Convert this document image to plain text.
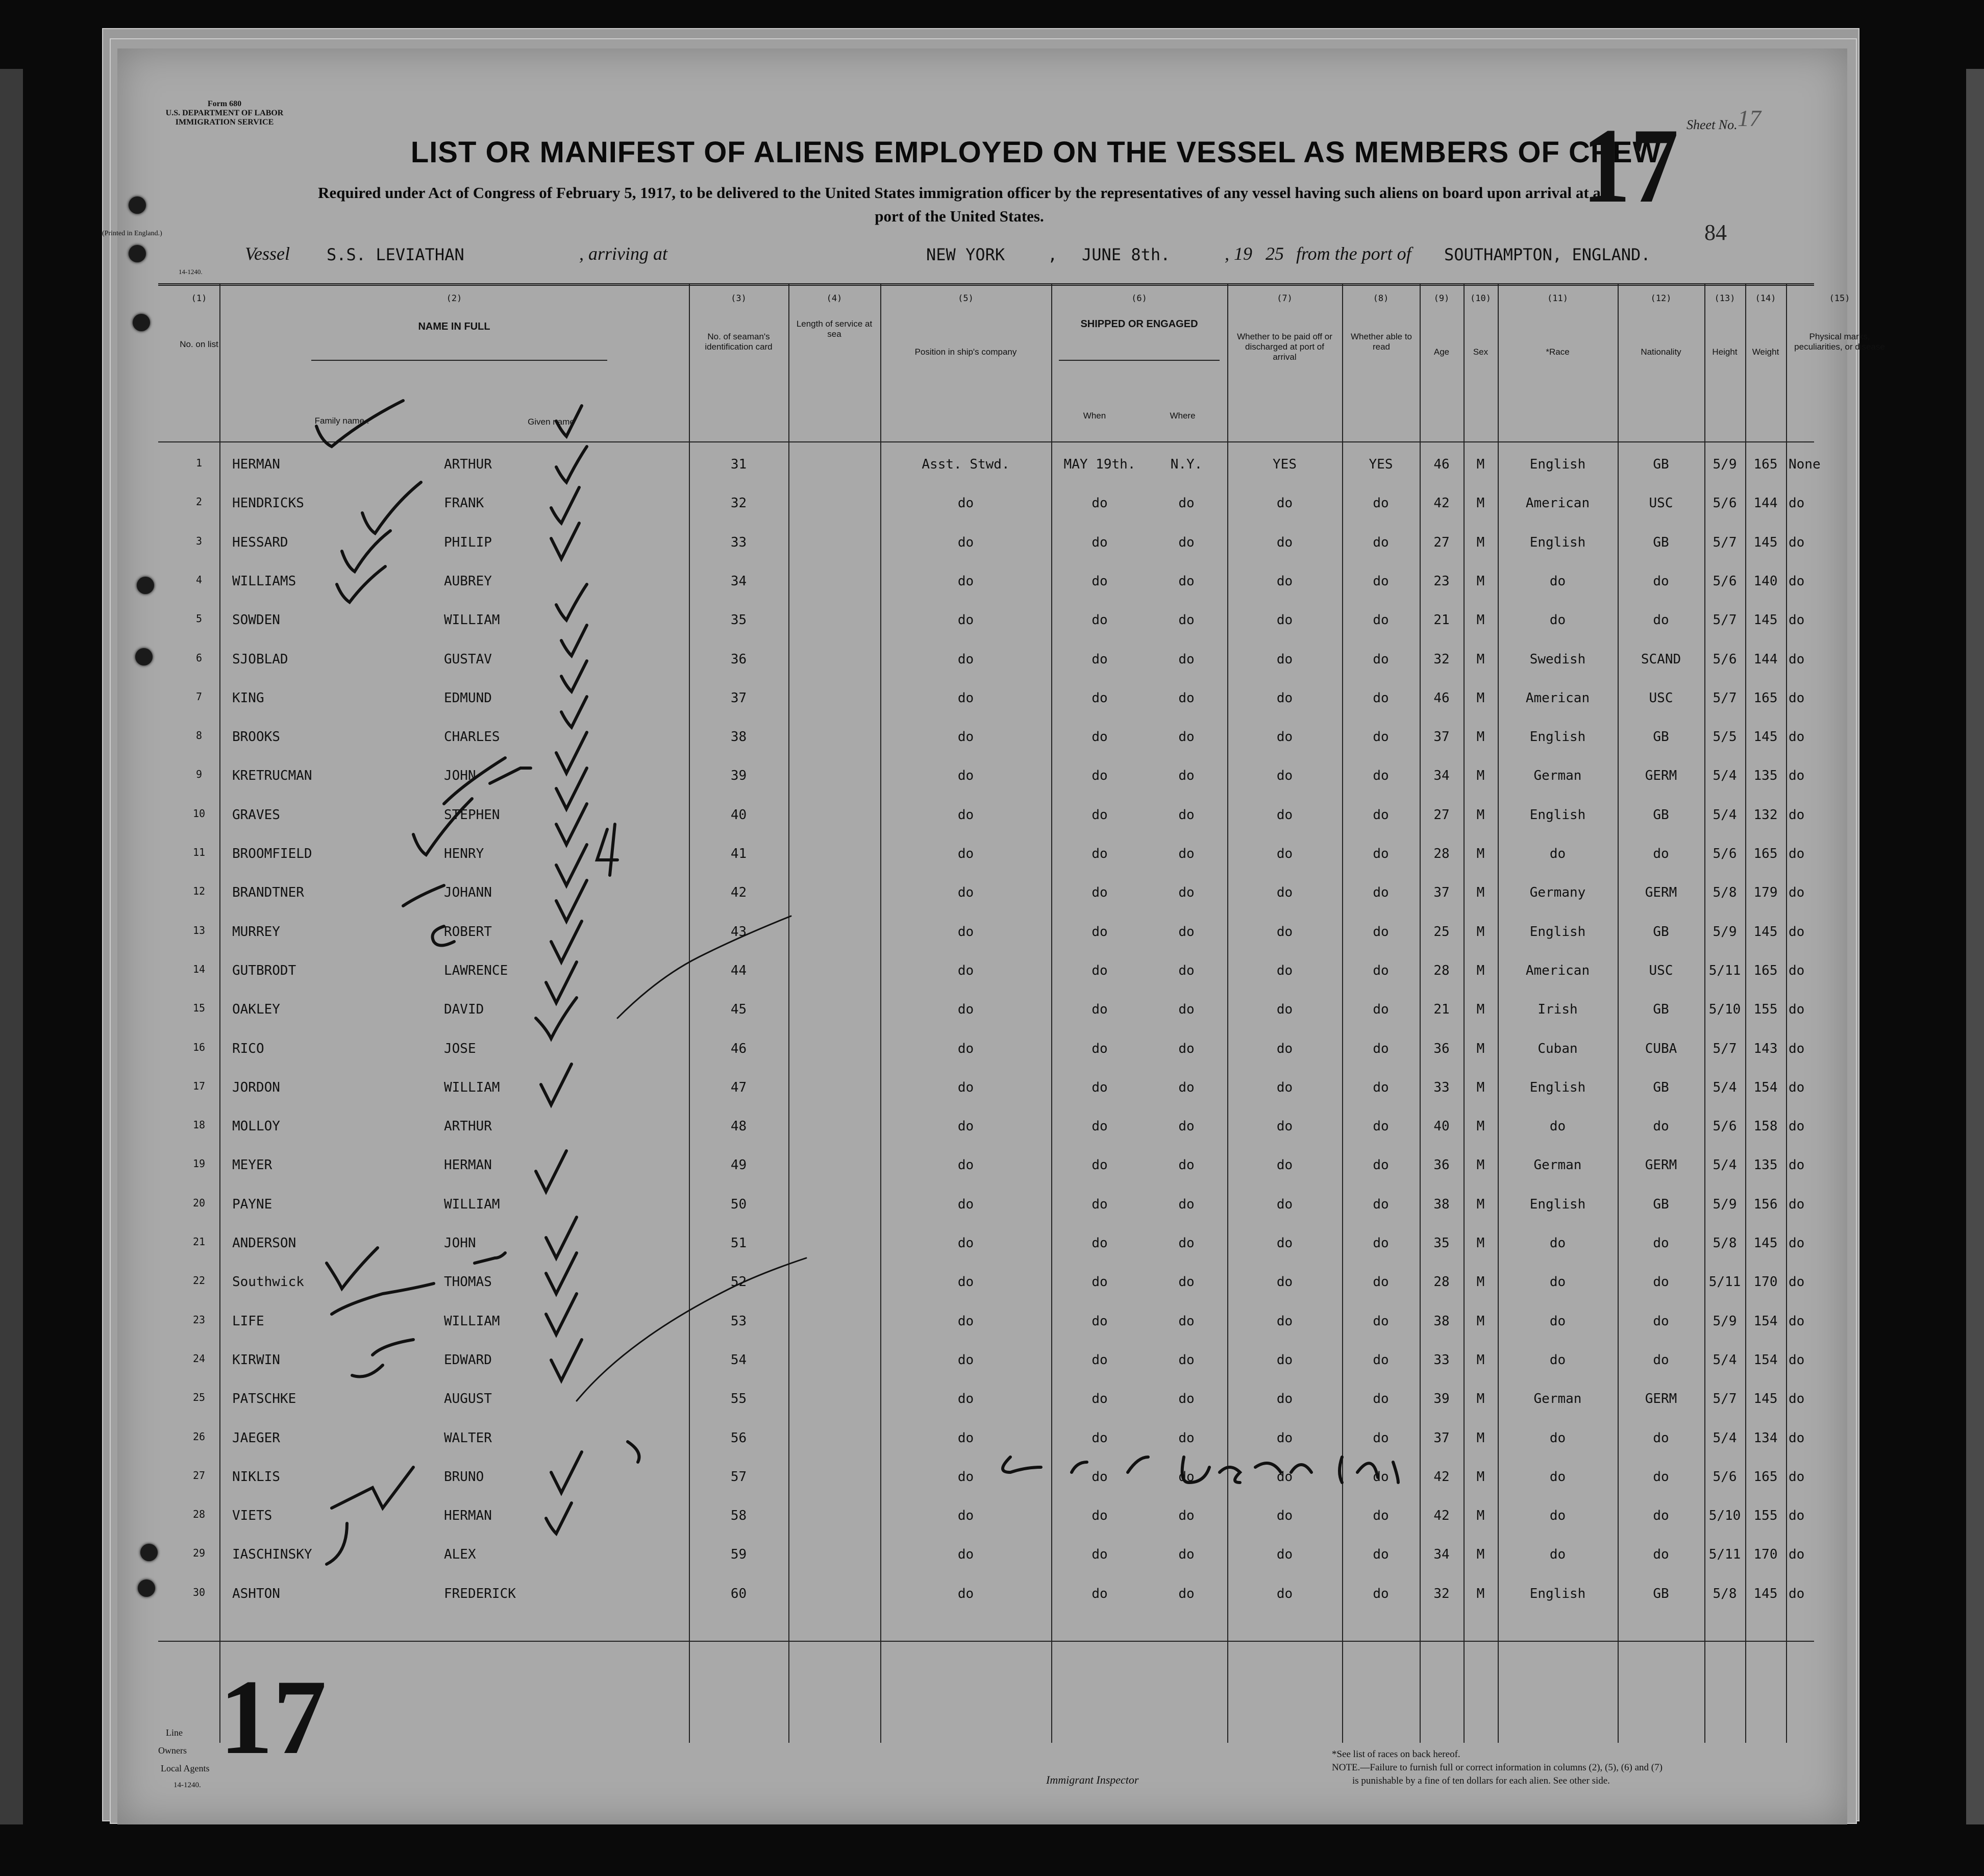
Form 680
U.S. DEPARTMENT OF LABOR
IMMIGRATION SERVICE
(Printed in England.)
14-1240.
LIST OR MANIFEST OF ALIENS EMPLOYED ON THE VESSEL AS MEMBERS OF CREW
Required under Act of Congress of February 5, 1917, to be delivered to the United States immigration officer by the representatives of any vessel having such aliens on board upon arrival at a
port of the United States.	17 Sheet No. 17
84
Vessel S.S. LEVIATHAN	, arriving at	NEW YORK	, JUNE 8th.	, 19 25 from the port of SOUTHAMPTON, ENGLAND.
(1)	(2)	(3)	(4)	(5)	(6)	(7)	(8)	(9)	(10)	(11)	(12)	(13)	(14)	(15)
No. on list
NAME IN FULL
Family name .	Given name
No. of seaman's identification card
Length of service at sea
Position in ship's company
SHIPPED OR ENGAGED
When	Where
Whether to be paid off or discharged at port of arrival
Whether able to read
Age	Sex	*Race	Nationality	Height	Weight
Physical marks, peculiarities, or disease
1	HERMAN	ARTHUR	31	Asst. Stwd.	MAY 19th.	N.Y.	YES	YES	46	M	English	GB	5/9	165 None
2	HENDRICKS	FRANK	32	do	do	do	do	do	42	M	American	USC	5/6	144 do
3	HESSARD	PHILIP	33	do	do	do	do	do	27	M	English	GB	5/7	145 do
4	WILLIAMS	AUBREY	34	do	do	do	do	do	23	M	do	do	5/6	140 do
5	SOWDEN	WILLIAM	35	do	do	do	do	do	21	M	do	do	5/7	145 do
6	SJOBLAD	GUSTAV	36	do	do	do	do	do	32	M	Swedish	SCAND	5/6	144 do
7	KING	EDMUND	37	do	do	do	do	do	46	M	American	USC	5/7	165 do
8	BROOKS	CHARLES	38	do	do	do	do	do	37	M	English	GB	5/5	145 do
9	KRETRUCMAN	JOHN	39	do	do	do	do	do	34	M	German	GERM	5/4	135 do
10	GRAVES	STEPHEN	40	do	do	do	do	do	27	M	English	GB	5/4	132 do
11	BROOMFIELD	HENRY	41	do	do	do	do	do	28	M	do	do	5/6	165 do
12	BRANDTNER	JOHANN	42	do	do	do	do	do	37	M	Germany	GERM	5/8	179 do
13	MURREY	ROBERT	43	do	do	do	do	do	25	M	English	GB	5/9	145 do
14	GUTBRODT	LAWRENCE	44	do	do	do	do	do	28	M	American	USC	5/11 165 do
15	OAKLEY	DAVID	45	do	do	do	do	do	21	M	Irish	GB	5/10 155 do
16	RICO	JOSE	46	do	do	do	do	do	36	M	Cuban	CUBA	5/7	143 do
17	JORDON	WILLIAM	47	do	do	do	do	do	33	M	English	GB	5/4	154 do
18	MOLLOY	ARTHUR	48	do	do	do	do	do	40	M	do	do	5/6	158 do
19	MEYER	HERMAN	49	do	do	do	do	do	36	M	German	GERM	5/4	135 do
20	PAYNE	WILLIAM	50	do	do	do	do	do	38	M	English	GB	5/9	156 do
21	ANDERSON	JOHN	51	do	do	do	do	do	35	M	do	do	5/8	145 do
22	Southwick	THOMAS	52	do	do	do	do	do	28	M	do	do	5/11 170 do
23	LIFE	WILLIAM	53	do	do	do	do	do	38	M	do	do	5/9	154 do
24	KIRWIN	EDWARD	54	do	do	do	do	do	33	M	do	do	5/4	154 do
25	PATSCHKE	AUGUST	55	do	do	do	do	do	39	M	German	GERM	5/7	145 do
26	JAEGER	WALTER	56	do	do	do	do	do	37	M	do	do	5/4	134 do
27	NIKLIS	BRUNO	57	do	do	do	do	do	42	M	do	do	5/6	165 do
28	VIETS	HERMAN	58	do	do	do	do	do	42	M	do	do	5/10 155 do
29	IASCHINSKY	ALEX	59	do	do	do	do	do	34	M	do	do	5/11 170 do
30	ASHTON	FREDERICK	60	do	do	do	do	do	32	M	English	GB	5/8	145 do
Line
Owners
Local Agents
14-1240.
17
Immigrant Inspector
*See list of races on back hereof.
NOTE.—Failure to furnish full or correct information in columns (2), (5), (6) and (7)
is punishable by a fine of ten dollars for each alien. See other side.
